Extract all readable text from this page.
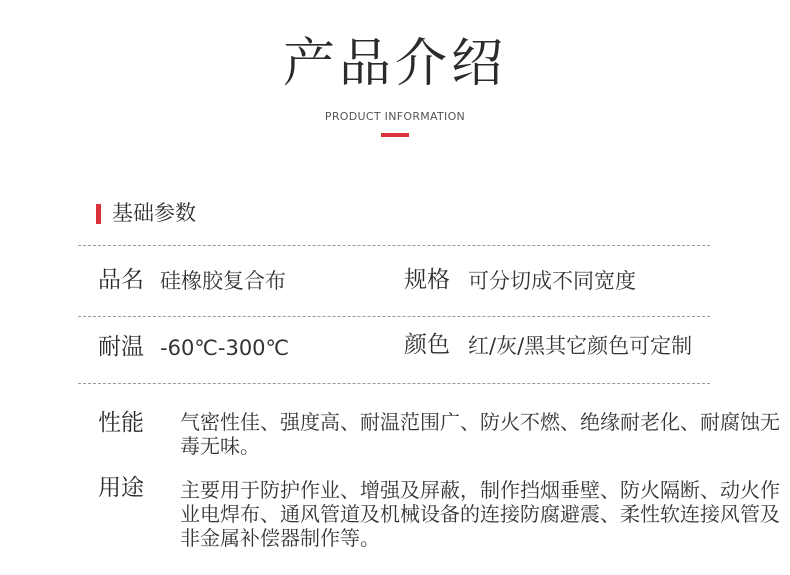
产品介绍
PRODUCT INFORMATION
基础参数
品名 硅橡胶复合布	规格 可分切成不同宽度
耐温 -60℃-300℃	颜色 红/灰/黑其它颜色可定制
性能 气密性佳、强度高、耐温范围广、防火不燃、绝缘耐老化、耐腐蚀无毒无味。
用途 主要用于防护作业、增强及屏蔽，制作挡烟垂壁、防火隔断、动火作业电焊布、通风管道及机械设备的连接防腐避震、柔性软连接风管及非金属补偿器制作等。
